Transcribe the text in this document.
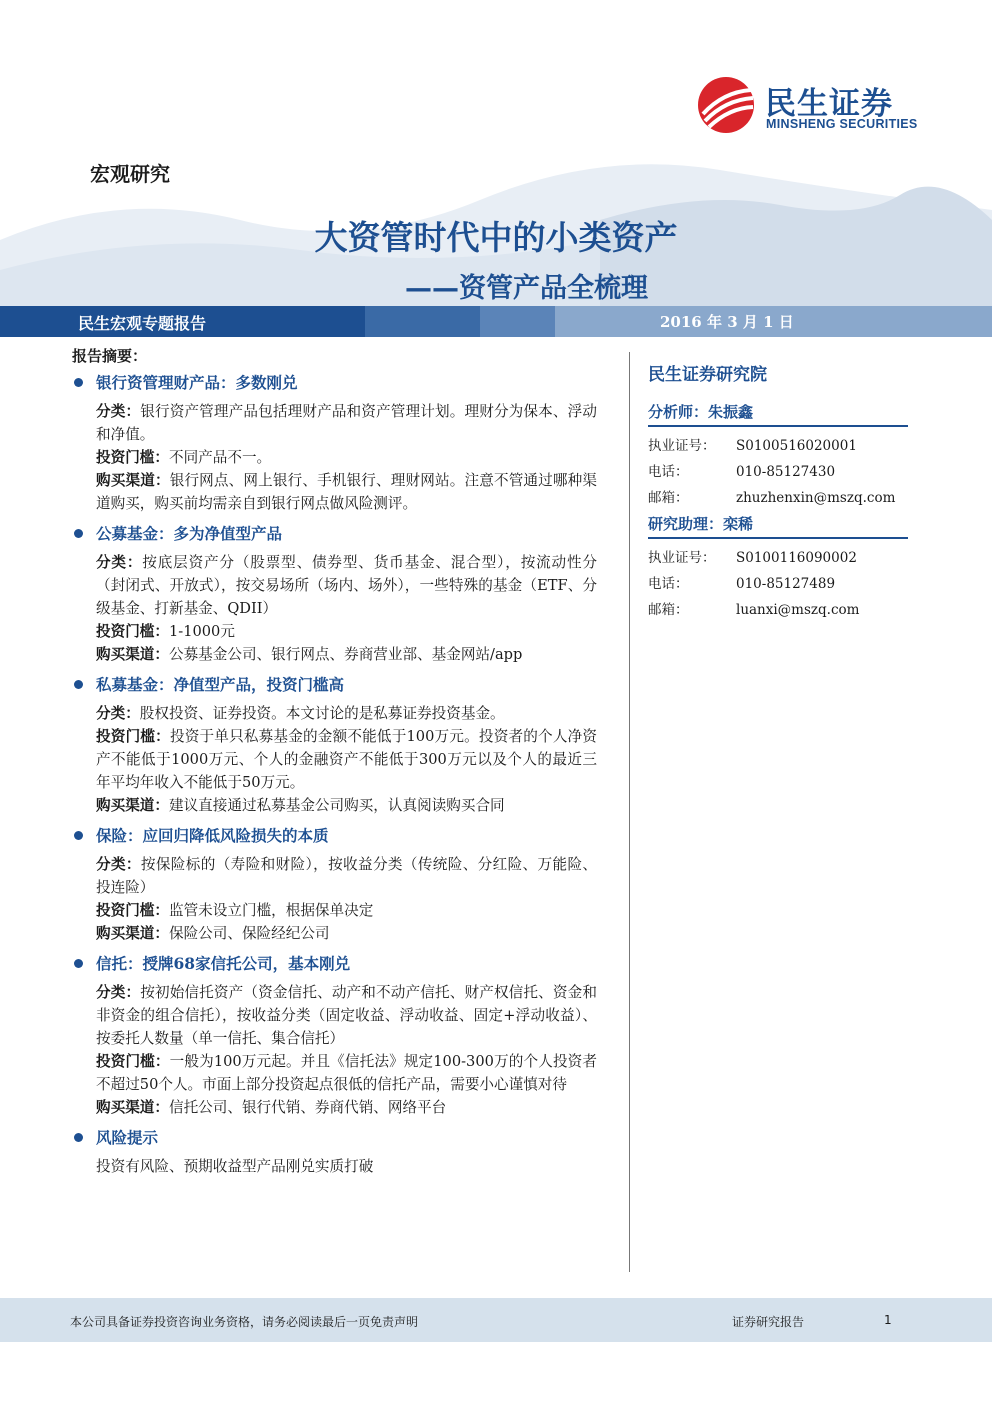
民生证券
MINSHENG SECURITIES
宏观研究
大资管时代中的小类资产
——资管产品全梳理
民生宏观专题报告	2016 年 3 月 1 日
报告摘要：
银行资管理财产品：多数刚兑
分类：银行资产管理产品包括理财产品和资产管理计划。理财分为保本、浮动和净值。
投资门槛：不同产品不一。
购买渠道：银行网点、网上银行、手机银行、理财网站。注意不管通过哪种渠道购买，购买前均需亲自到银行网点做风险测评。
公募基金：多为净值型产品
分类：按底层资产分（股票型、债券型、货币基金、混合型），按流动性分（封闭式、开放式），按交易场所（场内、场外），一些特殊的基金（ETF、分级基金、打新基金、QDII）
投资门槛：1-1000元
购买渠道：公募基金公司、银行网点、券商营业部、基金网站/app
私募基金：净值型产品，投资门槛高
分类：股权投资、证券投资。本文讨论的是私募证券投资基金。
投资门槛：投资于单只私募基金的金额不能低于100万元。投资者的个人净资产不能低于1000万元、个人的金融资产不能低于300万元以及个人的最近三年平均年收入不能低于50万元。
购买渠道：建议直接通过私募基金公司购买，认真阅读购买合同
保险：应回归降低风险损失的本质
分类：按保险标的（寿险和财险），按收益分类（传统险、分红险、万能险、投连险）
投资门槛：监管未设立门槛，根据保单决定
购买渠道：保险公司、保险经纪公司
信托：授牌68家信托公司，基本刚兑
分类：按初始信托资产（资金信托、动产和不动产信托、财产权信托、资金和非资金的组合信托），按收益分类（固定收益、浮动收益、固定+浮动收益）、按委托人数量（单一信托、集合信托）
投资门槛：一般为100万元起。并且《信托法》规定100-300万的个人投资者不超过50个人。市面上部分投资起点很低的信托产品，需要小心谨慎对待
购买渠道：信托公司、银行代销、券商代销、网络平台
风险提示
投资有风险、预期收益型产品刚兑实质打破
民生证券研究院
分析师：朱振鑫
执业证号：	S0100516020001
电话：	010-85127430
邮箱：	zhuzhenxin@mszq.com
研究助理：栾稀
执业证号：	S0100116090002
电话：	010-85127489
邮箱：	luanxi@mszq.com
本公司具备证券投资咨询业务资格，请务必阅读最后一页免责声明	证券研究报告	1
